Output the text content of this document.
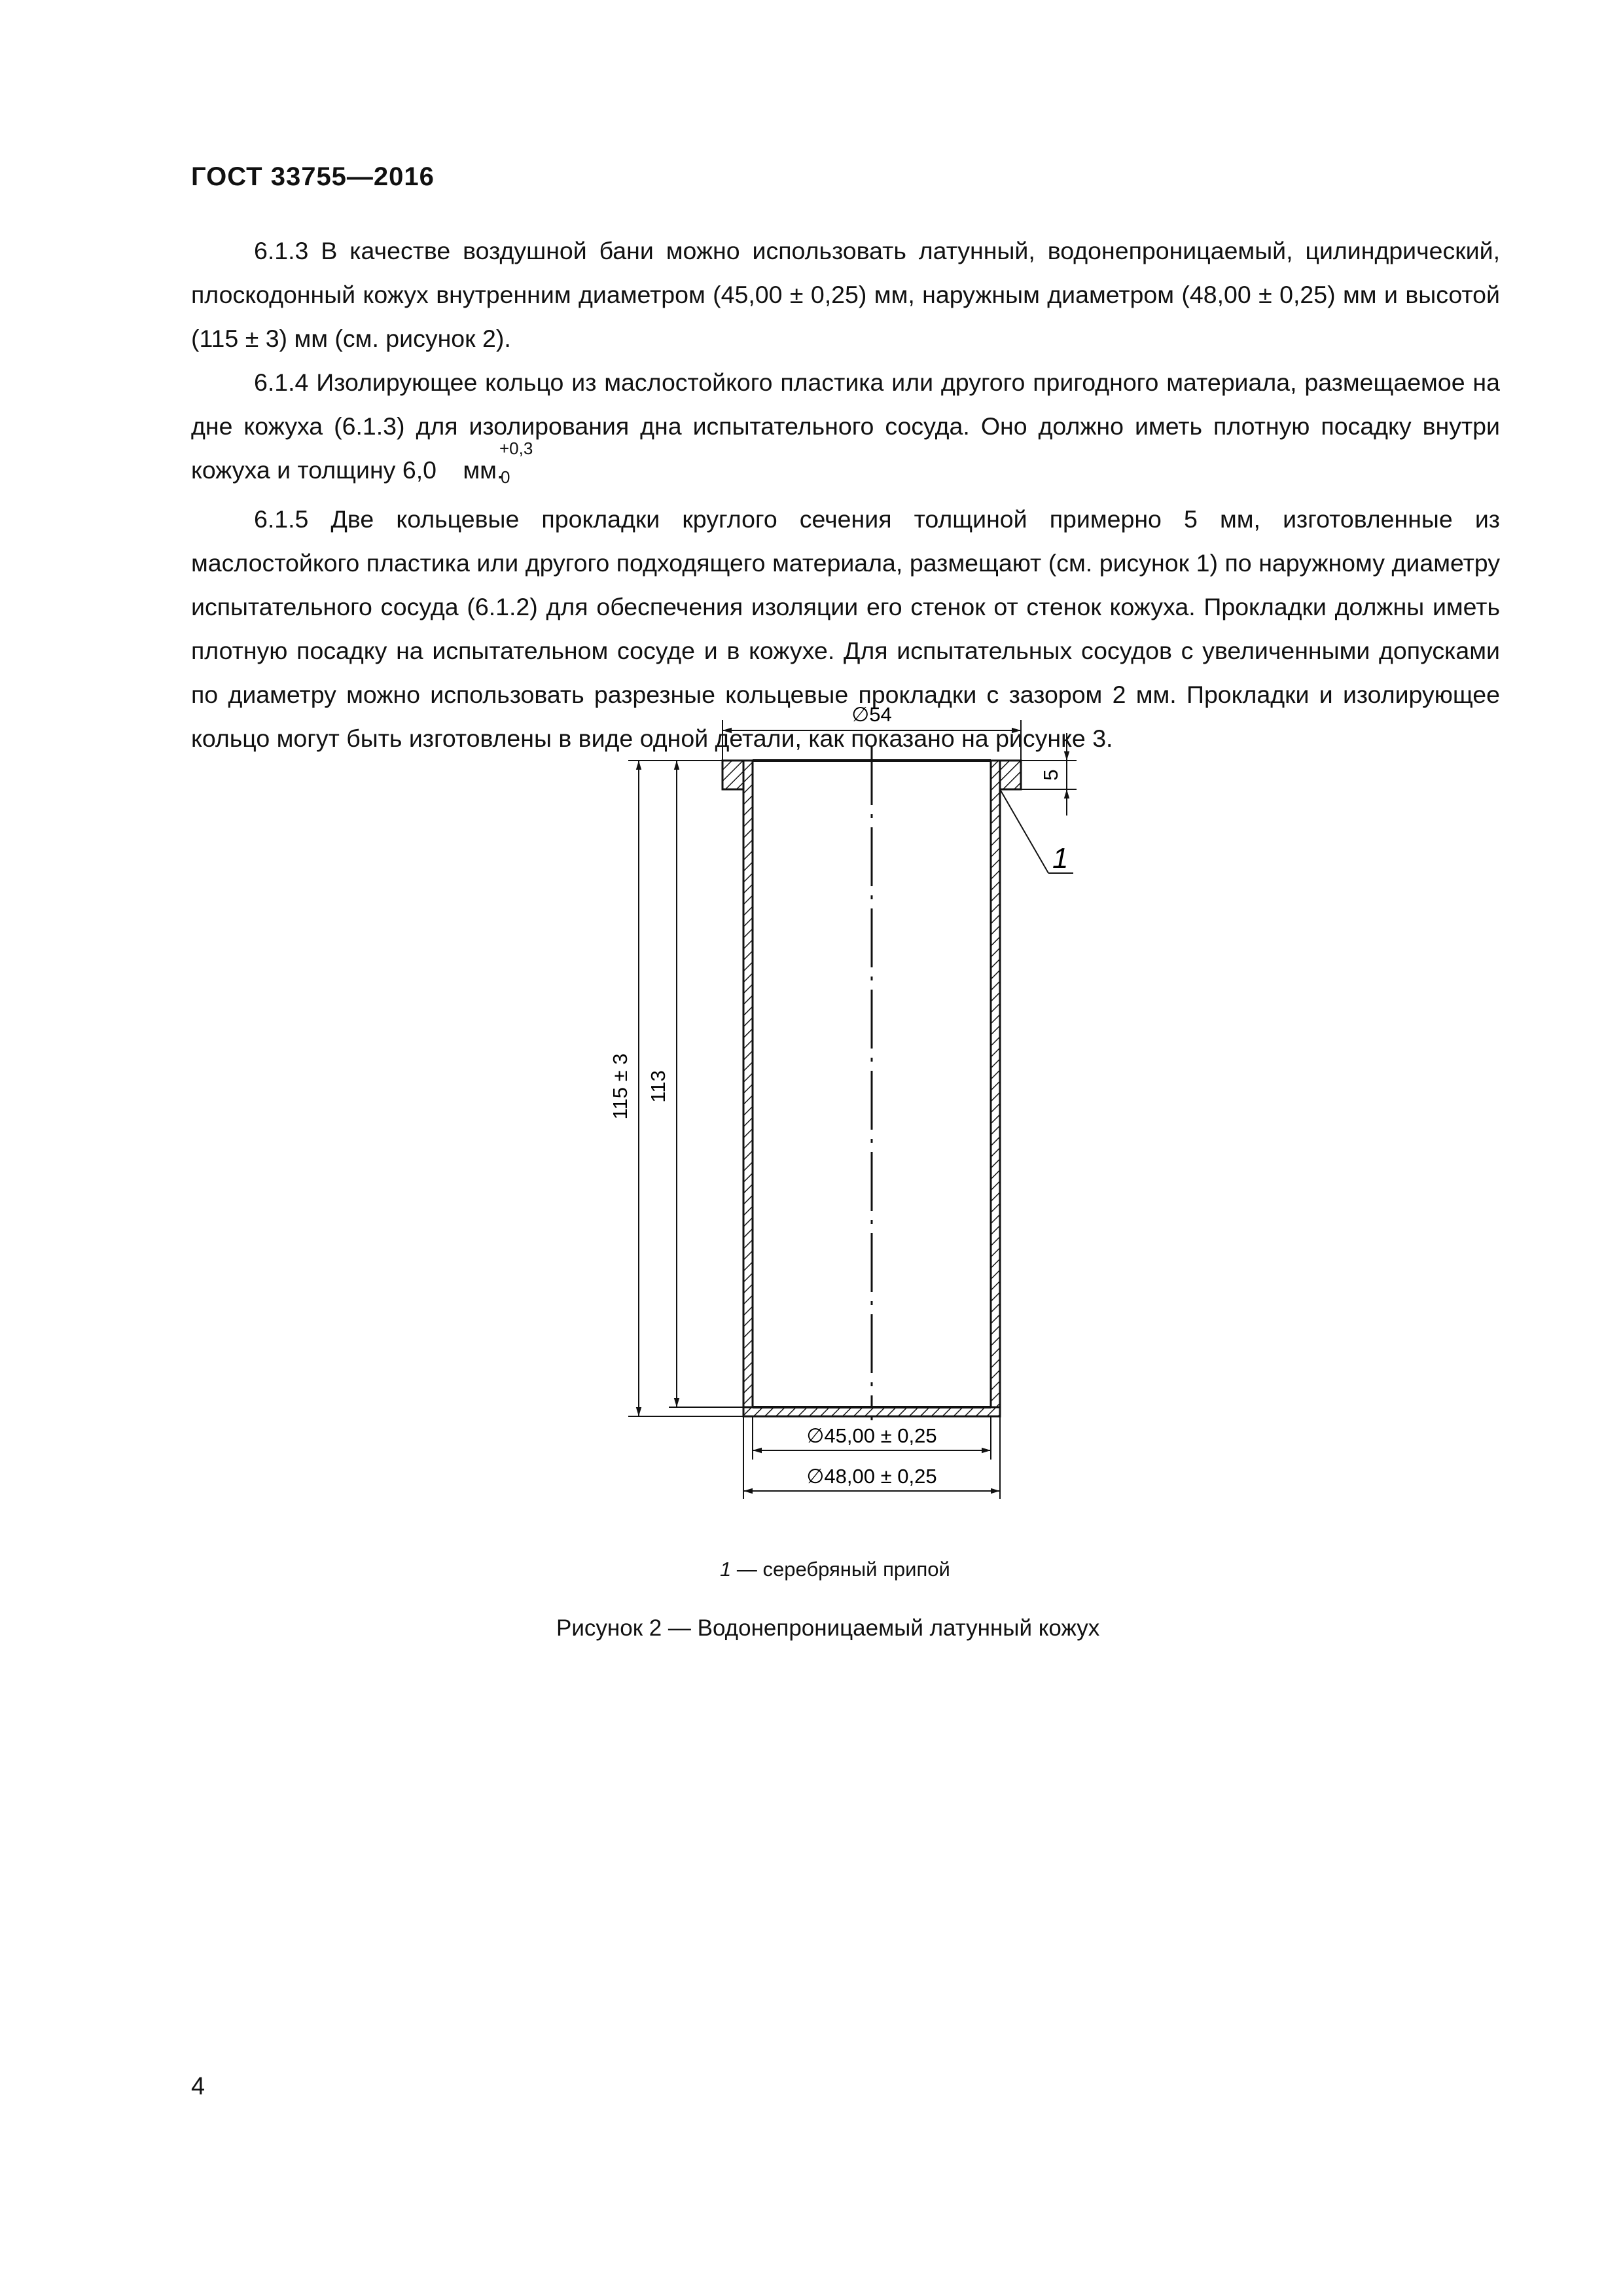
ГОСТ 33755—2016

6.1.3 В качестве воздушной бани можно использовать латунный, водонепроницаемый, цилиндрический, плоскодонный кожух внутренним диаметром (45,00 ± 0,25) мм, наружным диаметром (48,00 ± 0,25) мм и высотой (115 ± 3) мм (см. рисунок 2).

6.1.4 Изолирующее кольцо из маслостойкого пластика или другого пригодного материала, размещаемое на дне кожуха (6.1.3) для изолирования дна испытательного сосуда. Оно должно иметь плотную посадку внутри кожуха и толщину 6,0
+0,3
0
мм.

6.1.5 Две кольцевые прокладки круглого сечения толщиной примерно 5 мм, изготовленные из маслостойкого пластика или другого подходящего материала, размещают (см. рисунок 1) по наружному диаметру испытательного сосуда (6.1.2) для обеспечения изоляции его стенок от стенок кожуха. Прокладки должны иметь плотную посадку на испытательном сосуде и в кожухе. Для испытательных сосудов с увеличенными допусками по диаметру можно использовать разрезные кольцевые прокладки с зазором 2 мм. Прокладки и изолирующее кольцо могут быть изготовлены в виде одной детали, как показано на рисунке 3.

∅54
5
1
115 ± 3 113
∅45,00 ± 0,25
∅48,00 ± 0,25
1 — серебряный припой
Рисунок 2 — Водонепроницаемый латунный кожух
4
